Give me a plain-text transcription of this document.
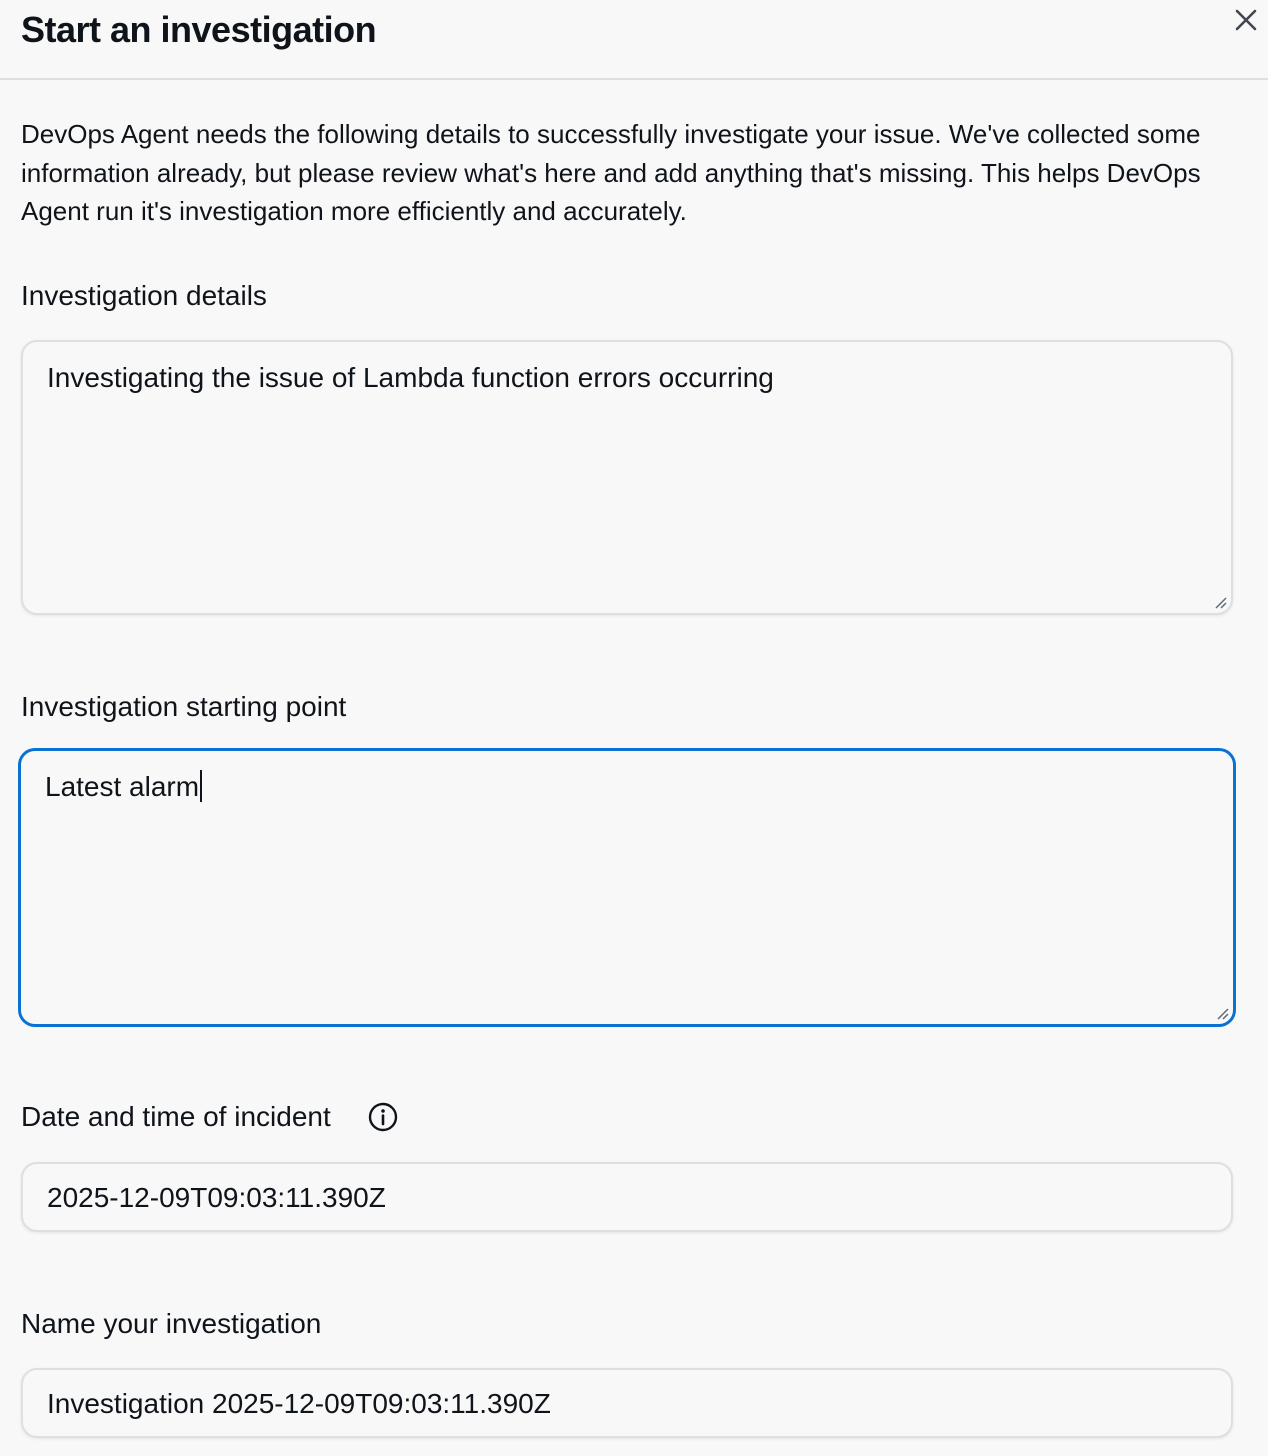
Start an investigation

DevOps Agent needs the following details to successfully investigate your issue. We've collected some information already, but please review what's here and add anything that's missing. This helps DevOps Agent run it's investigation more efficiently and accurately.

Investigation details
Investigating the issue of Lambda function errors occurring
Investigation starting point
Latest alarm
Date and time of incident
2025-12-09T09:03:11.390Z
Name your investigation
Investigation 2025-12-09T09:03:11.390Z
